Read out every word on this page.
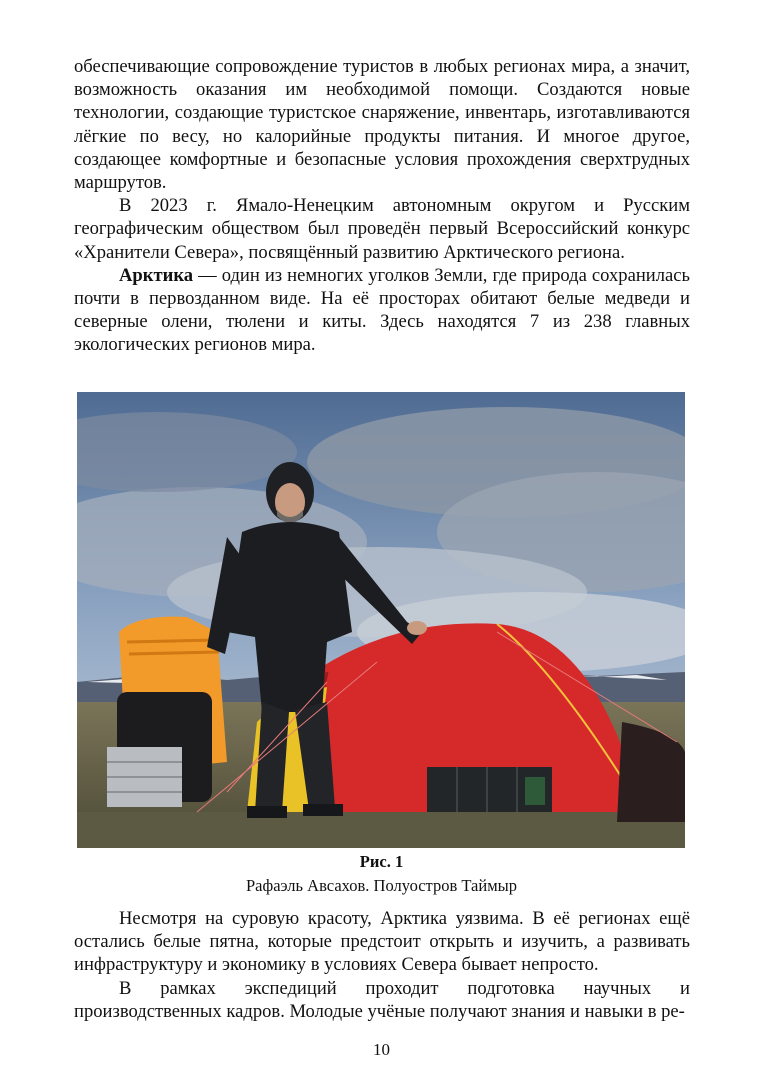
обеспечивающие сопровождение туристов в любых регионах мира, а значит, возможность оказания им необходимой помощи. Создаются новые технологии, создающие туристское снаряжение, инвентарь, изготавливаются лёгкие по весу, но калорийные продукты питания. И многое другое, создающее комфортные и безопасные условия прохождения сверхтрудных маршрутов.

В 2023 г. Ямало-Ненецким автономным округом и Русским географическим обществом был проведён первый Всероссийский конкурс «Хранители Севера», посвящённый развитию Арктического региона.

Арктика — один из немногих уголков Земли, где природа сохранилась почти в первозданном виде. На её просторах обитают белые медведи и северные олени, тюлени и киты. Здесь находятся 7 из 238 главных экологических регионов мира.

Рис. 1
Рафаэль Авсахов. Полуостров Таймыр

Несмотря на суровую красоту, Арктика уязвима. В её регионах ещё остались белые пятна, которые предстоит открыть и изучить, а развивать инфраструктуру и экономику в условиях Севера бывает непросто.

В рамках экспедиций проходит подготовка научных и производственных кадров. Молодые учёные получают знания и навыки в ре-

10
